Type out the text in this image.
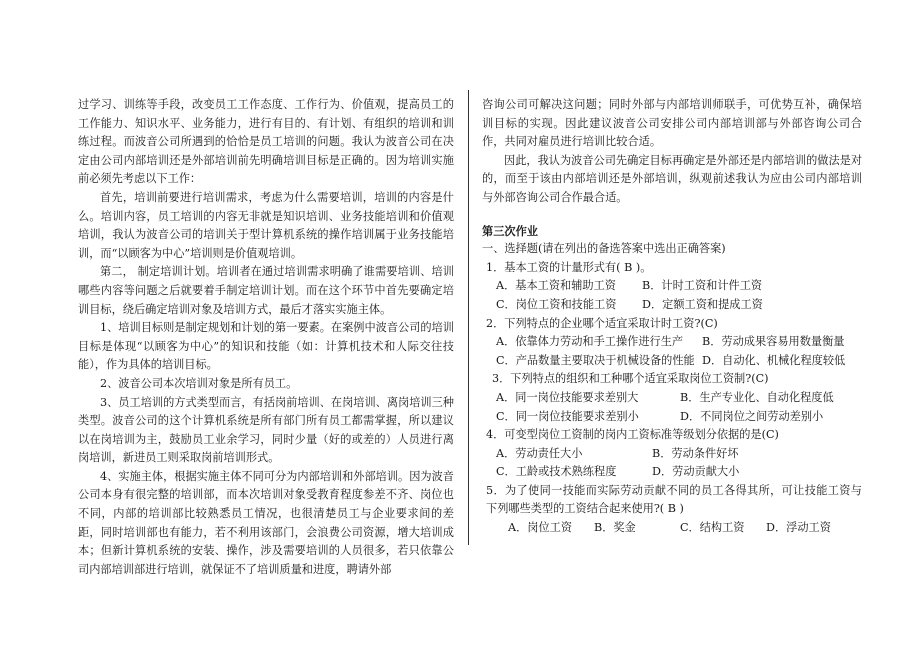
过学习、训练等手段，改变员工工作态度、工作行为、价值观，提高员工的工作能力、知识水平、业务能力，进行有目的、有计划、有组织的培训和训练过程。而波音公司所遇到的恰恰是员工培训的问题。我认为波音公司在决定由公司内部培训还是外部培训前先明确培训目标是正确的。因为培训实施前必须先考虑以下工作：

首先，培训前要进行培训需求，考虑为什么需要培训，培训的内容是什么。培训内容，员工培训的内容无非就是知识培训、业务技能培训和价值观培训，我认为波音公司的培训关于型计算机系统的操作培训属于业务技能培训，而“以顾客为中心”培训则是价值观培训。

第二， 制定培训计划。培训者在通过培训需求明确了谁需要培训、培训哪些内容等问题之后就要着手制定培训计划。而在这个环节中首先要确定培训目标，绕后确定培训对象及培训方式，最后才落实实施主体。

1、培训目标则是制定规划和计划的第一要素。在案例中波音公司的培训目标是体现“以顾客为中心”的知识和技能（如：计算机技术和人际交往技能），作为具体的培训目标。

2、波音公司本次培训对象是所有员工。

3、员工培训的方式类型而言，有括岗前培训、在岗培训、离岗培训三种类型。波音公司的这个计算机系统是所有部门所有员工都需掌握，所以建议以在岗培训为主，鼓励员工业余学习，同时少量（好的或差的）人员进行离岗培训，新进员工则采取岗前培训形式。

4、实施主体，根据实施主体不同可分为内部培训和外部培训。因为波音公司本身有很完整的培训部，而本次培训对象受教育程度参差不齐、岗位也不同，内部的培训部比较熟悉员工情况，也很清楚员工与企业要求间的差距，同时培训部也有能力，若不利用该部门，会浪费公司资源，增大培训成本；但新计算机系统的安装、操作，涉及需要培训的人员很多，若只依靠公司内部培训部进行培训，就保证不了培训质量和进度，聘请外部

咨询公司可解决这问题；同时外部与内部培训师联手，可优势互补，确保培训目标的实现。因此建议波音公司安排公司内部培训部与外部咨询公司合作，共同对雇员进行培训比较合适。

因此，我认为波音公司先确定目标再确定是外部还是内部培训的做法是对的，而至于该由内部培训还是外部培训，纵观前述我认为应由公司内部培训与外部咨询公司合作最合适。

第三次作业

一、选择题(请在列出的备选答案中选出正确答案)

1．基本工资的计量形式有( B )。

A．基本工资和辅助工资	B．计时工资和计件工资
C．岗位工资和技能工资	D．定额工资和提成工资

2．下列特点的企业哪个适宜采取计时工资?(C)

A．依靠体力劳动和手工操作进行生产	B．劳动成果容易用数量衡量
C．产品数量主要取决于机械设备的性能 D．自动化、机械化程度较低

3．下列特点的组织和工种哪个适宜采取岗位工资制?(C)

A．同一岗位技能要求差别大	B．生产专业化、自动化程度低
C．同一岗位技能要求差别小	D．不同岗位之间劳动差别小

4．可变型岗位工资制的岗内工资标准等级划分依据的是(C)

A．劳动责任大小	B．劳动条件好坏
C．工龄或技术熟练程度	D．劳动贡献大小

5．为了使同一技能而实际劳动贡献不同的员工各得其所，可让技能工资与下列哪些类型的工资结合起来使用?( B )

A．岗位工资	B．奖金	C．结构工资	D．浮动工资
